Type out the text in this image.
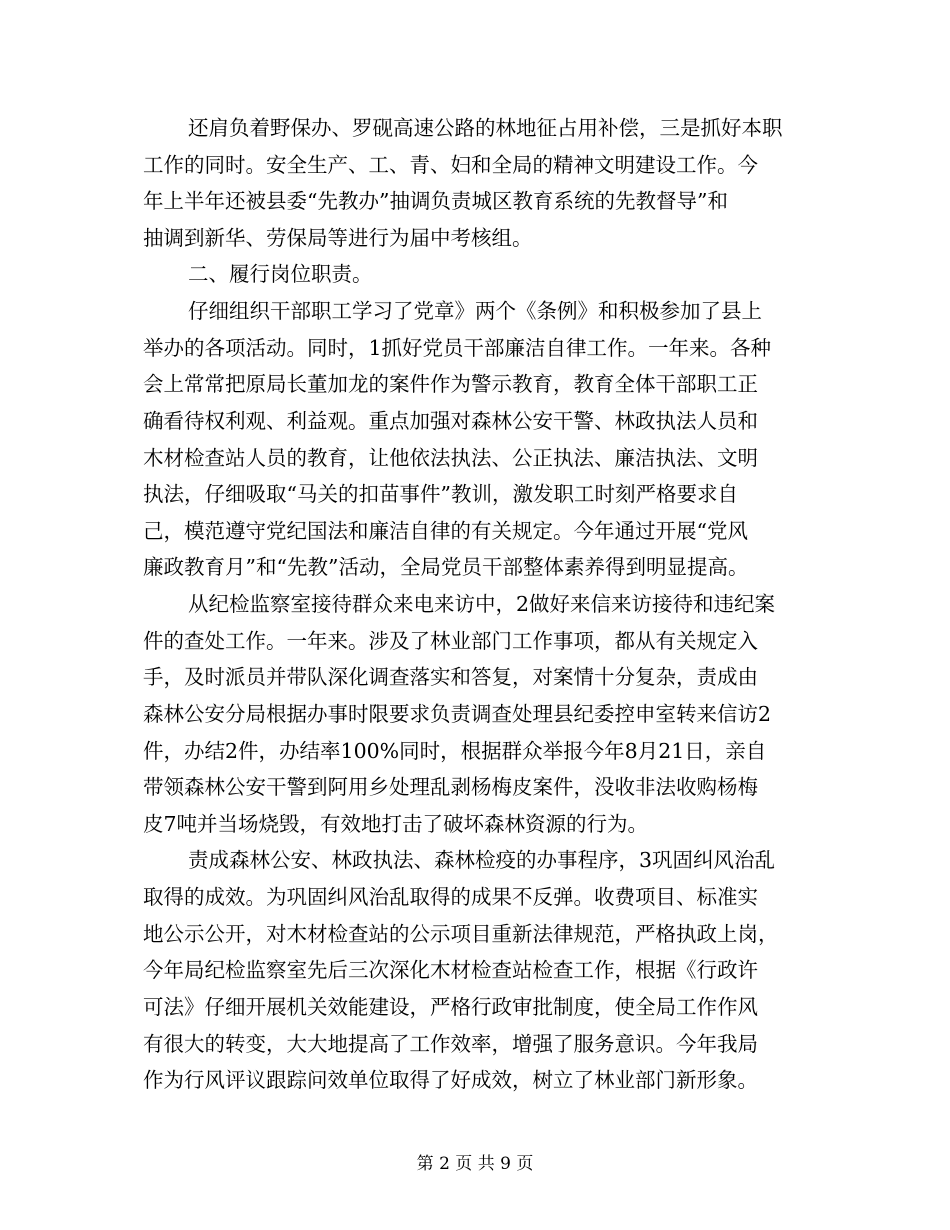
还肩负着野保办、罗砚高速公路的林地征占用补偿，三是抓好本职
工作的同时。安全生产、工、青、妇和全局的精神文明建设工作。今
年上半年还被县委“先教办”抽调负责城区教育系统的先教督导”和
抽调到新华、劳保局等进行为届中考核组。
二、履行岗位职责。
仔细组织干部职工学习了党章》两个《条例》和积极参加了县上
举办的各项活动。同时，1抓好党员干部廉洁自律工作。一年来。各种
会上常常把原局长董加龙的案件作为警示教育，教育全体干部职工正
确看待权利观、利益观。重点加强对森林公安干警、林政执法人员和
木材检查站人员的教育，让他依法执法、公正执法、廉洁执法、文明
执法，仔细吸取“马关的扣苗事件”教训，激发职工时刻严格要求自
己，模范遵守党纪国法和廉洁自律的有关规定。今年通过开展“党风
廉政教育月”和“先教”活动，全局党员干部整体素养得到明显提高。
从纪检监察室接待群众来电来访中，2做好来信来访接待和违纪案
件的查处工作。一年来。涉及了林业部门工作事项，都从有关规定入
手，及时派员并带队深化调查落实和答复，对案情十分复杂，责成由
森林公安分局根据办事时限要求负责调查处理县纪委控申室转来信访2
件，办结2件，办结率100%同时，根据群众举报今年8月21日，亲自
带领森林公安干警到阿用乡处理乱剥杨梅皮案件，没收非法收购杨梅
皮7吨并当场烧毁，有效地打击了破坏森林资源的行为。
责成森林公安、林政执法、森林检疫的办事程序，3巩固纠风治乱
取得的成效。为巩固纠风治乱取得的成果不反弹。收费项目、标准实
地公示公开，对木材检查站的公示项目重新法律规范，严格执政上岗，
今年局纪检监察室先后三次深化木材检查站检查工作，根据《行政许
可法》仔细开展机关效能建设，严格行政审批制度，使全局工作作风
有很大的转变，大大地提高了工作效率，增强了服务意识。今年我局
作为行风评议跟踪问效单位取得了好成效，树立了林业部门新形象。
第 2 页 共 9 页
